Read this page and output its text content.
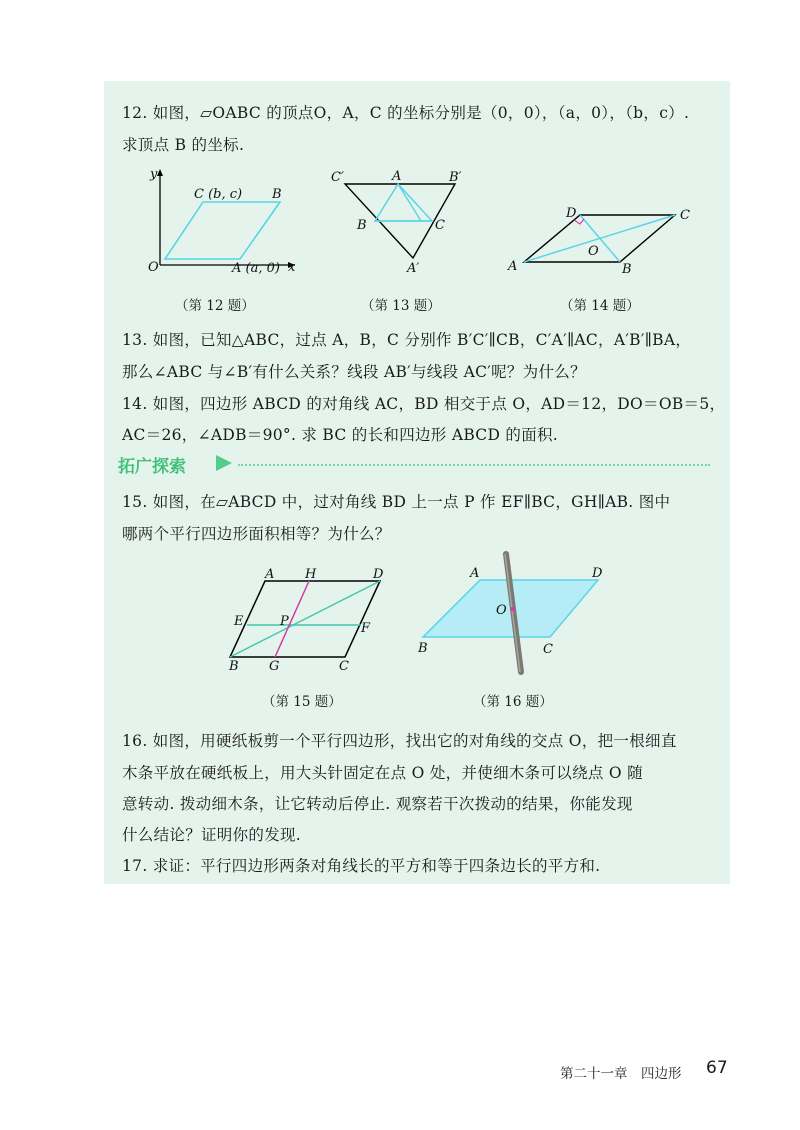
12. 如图，▱OABC 的顶点O，A，C 的坐标分别是（0，0），（a，0），（b，c）.
求顶点 B 的坐标.
y
x
O
C (b, c) B
A (a, 0)
C′	A	B′
B	C
A′
D	C
O
A	B
（第 12 题）	（第 13 题）	（第 14 题）
13. 如图，已知△ABC，过点 A，B，C 分别作 B′C′∥CB，C′A′∥AC，A′B′∥BA，
那么∠ABC 与∠B′有什么关系？线段 AB′与线段 AC′呢？为什么？
14. 如图，四边形 ABCD 的对角线 AC，BD 相交于点 O，AD＝12，DO＝OB＝5，
AC＝26，∠ADB＝90°. 求 BC 的长和四边形 ABCD 的面积.
拓广探索
15. 如图，在▱ABCD 中，过对角线 BD 上一点 P 作 EF∥BC，GH∥AB. 图中
哪两个平行四边形面积相等？为什么？
A H	D
E	P	F
B G	C
A	D
O
B	C
（第 15 题）	（第 16 题）
16. 如图，用硬纸板剪一个平行四边形，找出它的对角线的交点 O，把一根细直
木条平放在硬纸板上，用大头针固定在点 O 处，并使细木条可以绕点 O 随
意转动. 拨动细木条，让它转动后停止. 观察若干次拨动的结果，你能发现
什么结论？证明你的发现.
17. 求证：平行四边形两条对角线长的平方和等于四条边长的平方和.
第二十一章　四边形 67
